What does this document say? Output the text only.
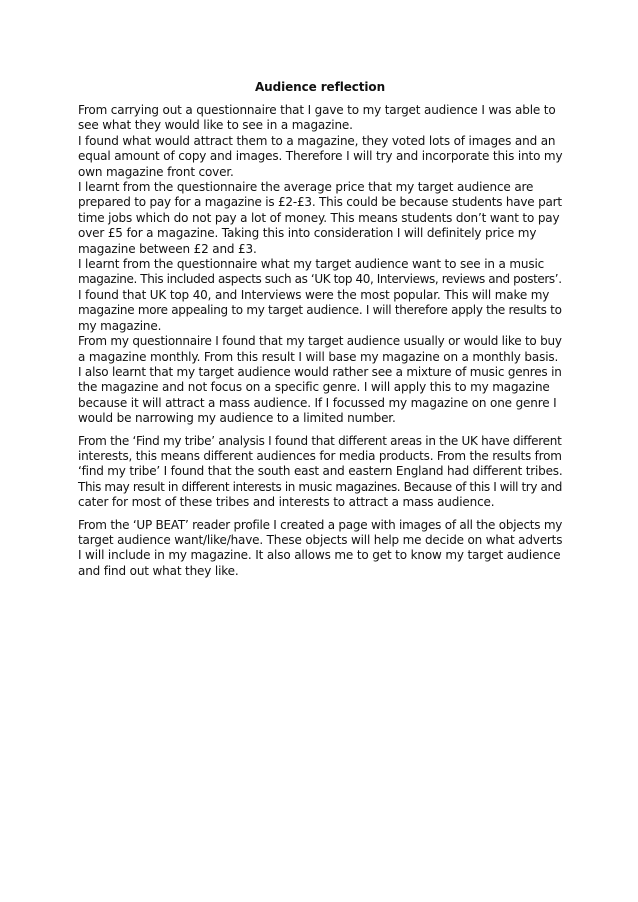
Audience reflection

From carrying out a questionnaire that I gave to my target audience I was able to
see what they would like to see in a magazine.

I found what would attract them to a magazine, they voted lots of images and an
equal amount of copy and images. Therefore I will try and incorporate this into my
own magazine front cover.

I learnt from the questionnaire the average price that my target audience are
prepared to pay for a magazine is £2-£3. This could be because students have part
time jobs which do not pay a lot of money. This means students don’t want to pay
over £5 for a magazine. Taking this into consideration I will definitely price my
magazine between £2 and £3.

I learnt from the questionnaire what my target audience want to see in a music
magazine. This included aspects such as ‘UK top 40, Interviews, reviews and posters’.
I found that UK top 40, and Interviews were the most popular. This will make my
magazine more appealing to my target audience. I will therefore apply the results to
my magazine.

From my questionnaire I found that my target audience usually or would like to buy
a magazine monthly. From this result I will base my magazine on a monthly basis.

I also learnt that my target audience would rather see a mixture of music genres in
the magazine and not focus on a specific genre. I will apply this to my magazine
because it will attract a mass audience. If I focussed my magazine on one genre I
would be narrowing my audience to a limited number.

From the ‘Find my tribe’ analysis I found that different areas in the UK have different
interests, this means different audiences for media products. From the results from
‘find my tribe’ I found that the south east and eastern England had different tribes.
This may result in different interests in music magazines. Because of this I will try and
cater for most of these tribes and interests to attract a mass audience.

From the ‘UP BEAT’ reader profile I created a page with images of all the objects my
target audience want/like/have. These objects will help me decide on what adverts
I will include in my magazine. It also allows me to get to know my target audience
and find out what they like.
